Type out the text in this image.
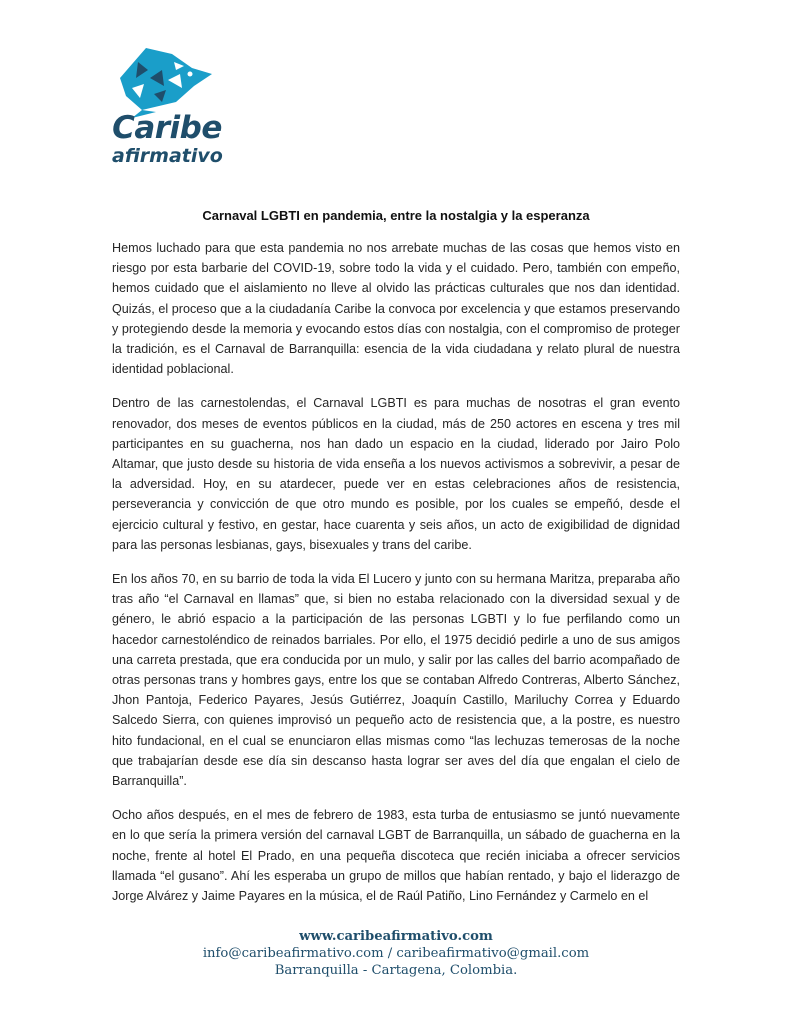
Caribe
afirmativo
Carnaval LGBTI en pandemia, entre la nostalgia y la esperanza

Hemos luchado para que esta pandemia no nos arrebate muchas de las cosas que hemos visto en riesgo por esta barbarie del COVID-19, sobre todo la vida y el cuidado. Pero, también con empeño, hemos cuidado que el aislamiento no lleve al olvido las prácticas culturales que nos dan identidad. Quizás, el proceso que a la ciudadanía Caribe la convoca por excelencia y que estamos preservando y protegiendo desde la memoria y evocando estos días con nostalgia, con el compromiso de proteger la tradición, es el Carnaval de Barranquilla: esencia de la vida ciudadana y relato plural de nuestra identidad poblacional.

Dentro de las carnestolendas, el Carnaval LGBTI es para muchas de nosotras el gran evento renovador, dos meses de eventos públicos en la ciudad, más de 250 actores en escena y tres mil participantes en su guacherna, nos han dado un espacio en la ciudad, liderado por Jairo Polo Altamar, que justo desde su historia de vida enseña a los nuevos activismos a sobrevivir, a pesar de la adversidad. Hoy, en su atardecer, puede ver en estas celebraciones años de resistencia, perseverancia y convicción de que otro mundo es posible, por los cuales se empeñó, desde el ejercicio cultural y festivo, en gestar, hace cuarenta y seis años, un acto de exigibilidad de dignidad para las personas lesbianas, gays, bisexuales y trans del caribe.

En los años 70, en su barrio de toda la vida El Lucero y junto con su hermana Maritza, preparaba año tras año “el Carnaval en llamas” que, si bien no estaba relacionado con la diversidad sexual y de género, le abrió espacio a la participación de las personas LGBTI y lo fue perfilando como un hacedor carnestoléndico de reinados barriales. Por ello, el 1975 decidió pedirle a uno de sus amigos una carreta prestada, que era conducida por un mulo, y salir por las calles del barrio acompañado de otras personas trans y hombres gays, entre los que se contaban Alfredo Contreras, Alberto Sánchez, Jhon Pantoja, Federico Payares, Jesús Gutiérrez, Joaquín Castillo, Mariluchy Correa y Eduardo Salcedo Sierra, con quienes improvisó un pequeño acto de resistencia que, a la postre, es nuestro hito fundacional, en el cual se enunciaron ellas mismas como “las lechuzas temerosas de la noche que trabajarían desde ese día sin descanso hasta lograr ser aves del día que engalan el cielo de Barranquilla”.

Ocho años después, en el mes de febrero de 1983, esta turba de entusiasmo se juntó nuevamente en lo que sería la primera versión del carnaval LGBT de Barranquilla, un sábado de guacherna en la noche, frente al hotel El Prado, en una pequeña discoteca que recién iniciaba a ofrecer servicios llamada “el gusano”. Ahí les esperaba un grupo de millos que habían rentado, y bajo el liderazgo de Jorge Alvárez y Jaime Payares en la música, el de Raúl Patiño, Lino Fernández y Carmelo en el

www.caribeafirmativo.com
info@caribeafirmativo.com / caribeafirmativo@gmail.com
Barranquilla - Cartagena, Colombia.
